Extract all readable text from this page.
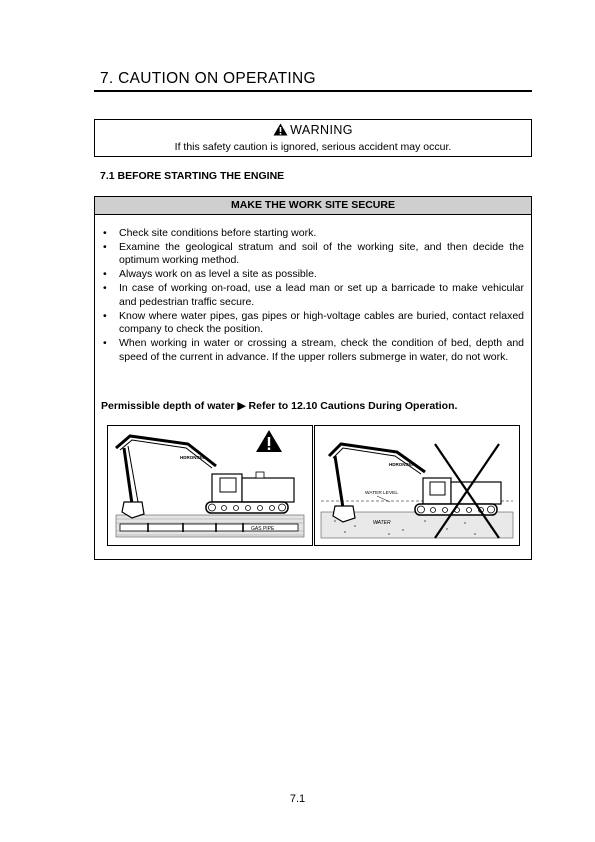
7. CAUTION ON OPERATING
WARNING
If this safety caution is ignored, serious accident may occur.
7.1 BEFORE STARTING THE ENGINE
MAKE THE WORK SITE SECURE
• Check site conditions before starting work.
• Examine the geological stratum and soil of the working site, and then decide the optimum working method.
• Always work on as level a site as possible.
• In case of working on-road, use a lead man or set up a barricade to make vehicular and pedestrian traffic secure.
• Know where water pipes, gas pipes or high-voltage cables are buried, contact relaxed company to check the position.
• When working in water or crossing a stream, check the condition of bed, depth and speed of the current in advance. If the upper rollers submerge in water, do not work.
Permissible depth of water ▶ Refer to 12.10 Cautions During Operation.
GAS PIPE
HDRONSEK
WATER LEVEL
WATER
HDRONSEK
7.1
